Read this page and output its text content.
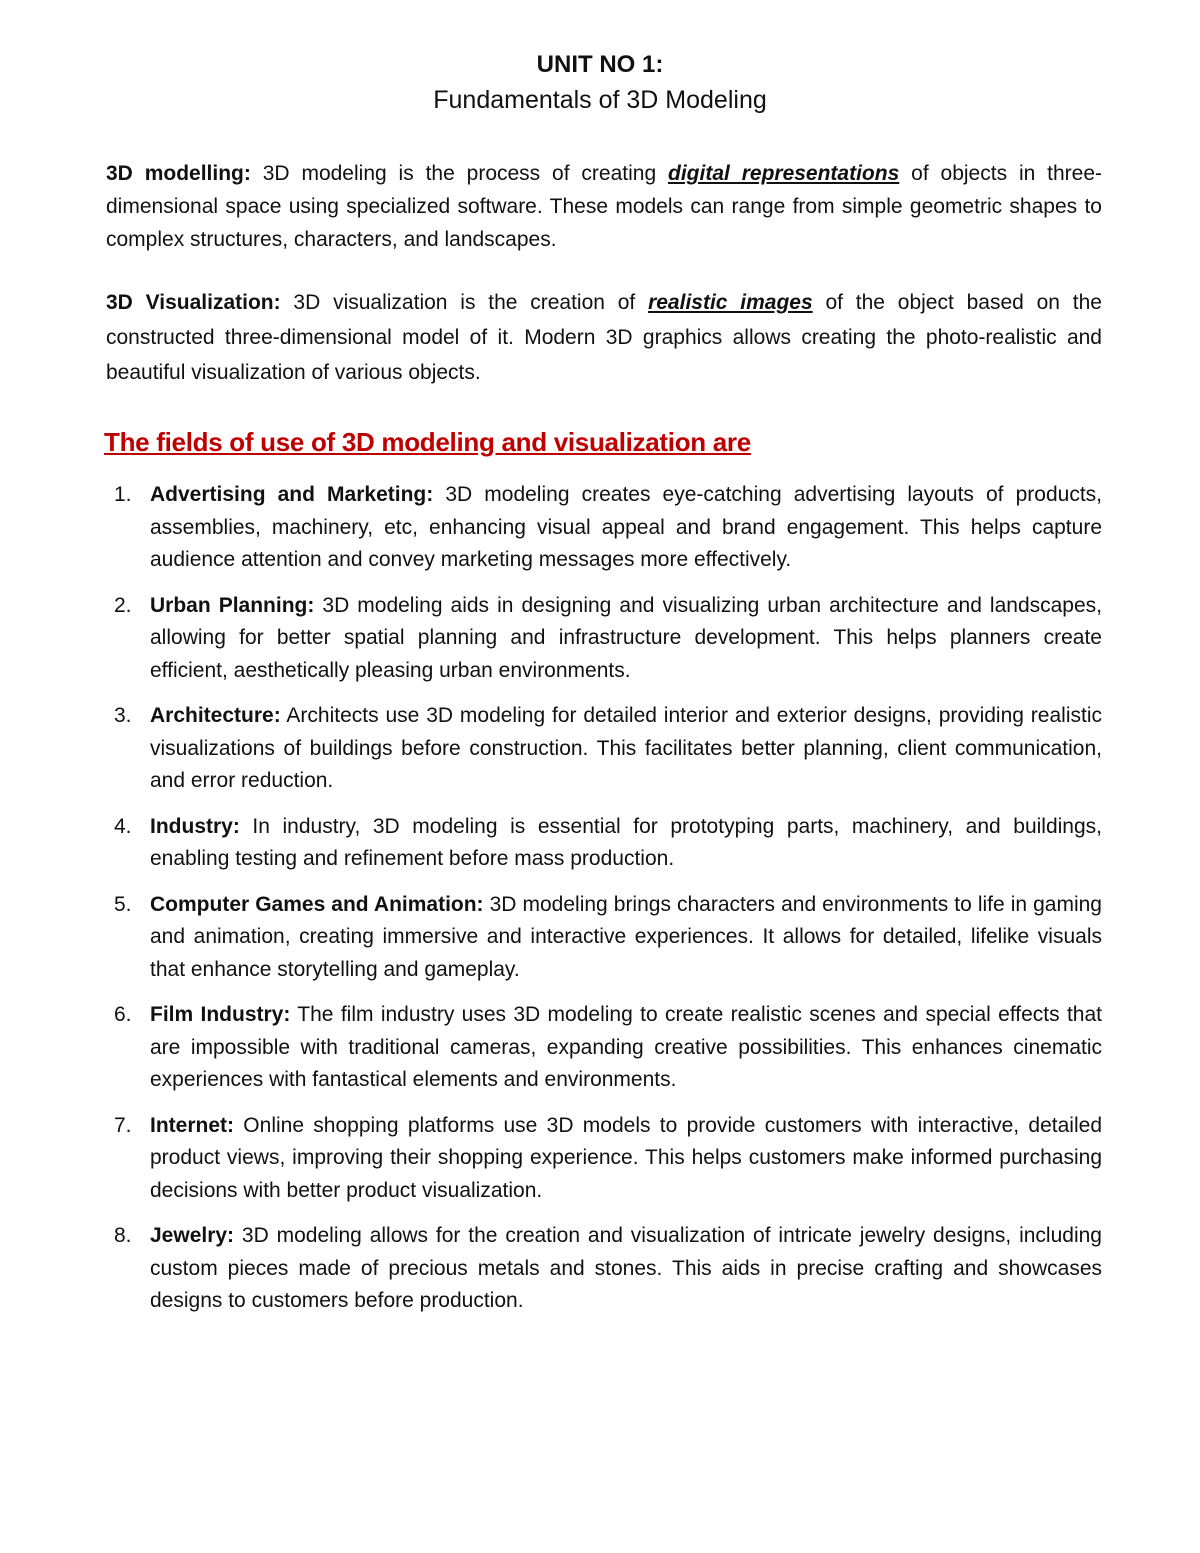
UNIT NO 1:
Fundamentals of 3D Modeling

3D modelling: 3D modeling is the process of creating digital representations of objects in three-dimensional space using specialized software. These models can range from simple geometric shapes to complex structures, characters, and landscapes.

3D Visualization: 3D visualization is the creation of realistic images of the object based on the constructed three-dimensional model of it. Modern 3D graphics allows creating the photo-realistic and beautiful visualization of various objects.

The fields of use of 3D modeling and visualization are
1. Advertising and Marketing: 3D modeling creates eye-catching advertising layouts of products, assemblies, machinery, etc, enhancing visual appeal and brand engagement. This helps capture audience attention and convey marketing messages more effectively.
2. Urban Planning: 3D modeling aids in designing and visualizing urban architecture and landscapes, allowing for better spatial planning and infrastructure development. This helps planners create efficient, aesthetically pleasing urban environments.
3. Architecture: Architects use 3D modeling for detailed interior and exterior designs, providing realistic visualizations of buildings before construction. This facilitates better planning, client communication, and error reduction.
4. Industry: In industry, 3D modeling is essential for prototyping parts, machinery, and buildings, enabling testing and refinement before mass production.
5. Computer Games and Animation: 3D modeling brings characters and environments to life in gaming and animation, creating immersive and interactive experiences. It allows for detailed, lifelike visuals that enhance storytelling and gameplay.
6. Film Industry: The film industry uses 3D modeling to create realistic scenes and special effects that are impossible with traditional cameras, expanding creative possibilities. This enhances cinematic experiences with fantastical elements and environments.
7. Internet: Online shopping platforms use 3D models to provide customers with interactive, detailed product views, improving their shopping experience. This helps customers make informed purchasing decisions with better product visualization.
8. Jewelry: 3D modeling allows for the creation and visualization of intricate jewelry designs, including custom pieces made of precious metals and stones. This aids in precise crafting and showcases designs to customers before production.
